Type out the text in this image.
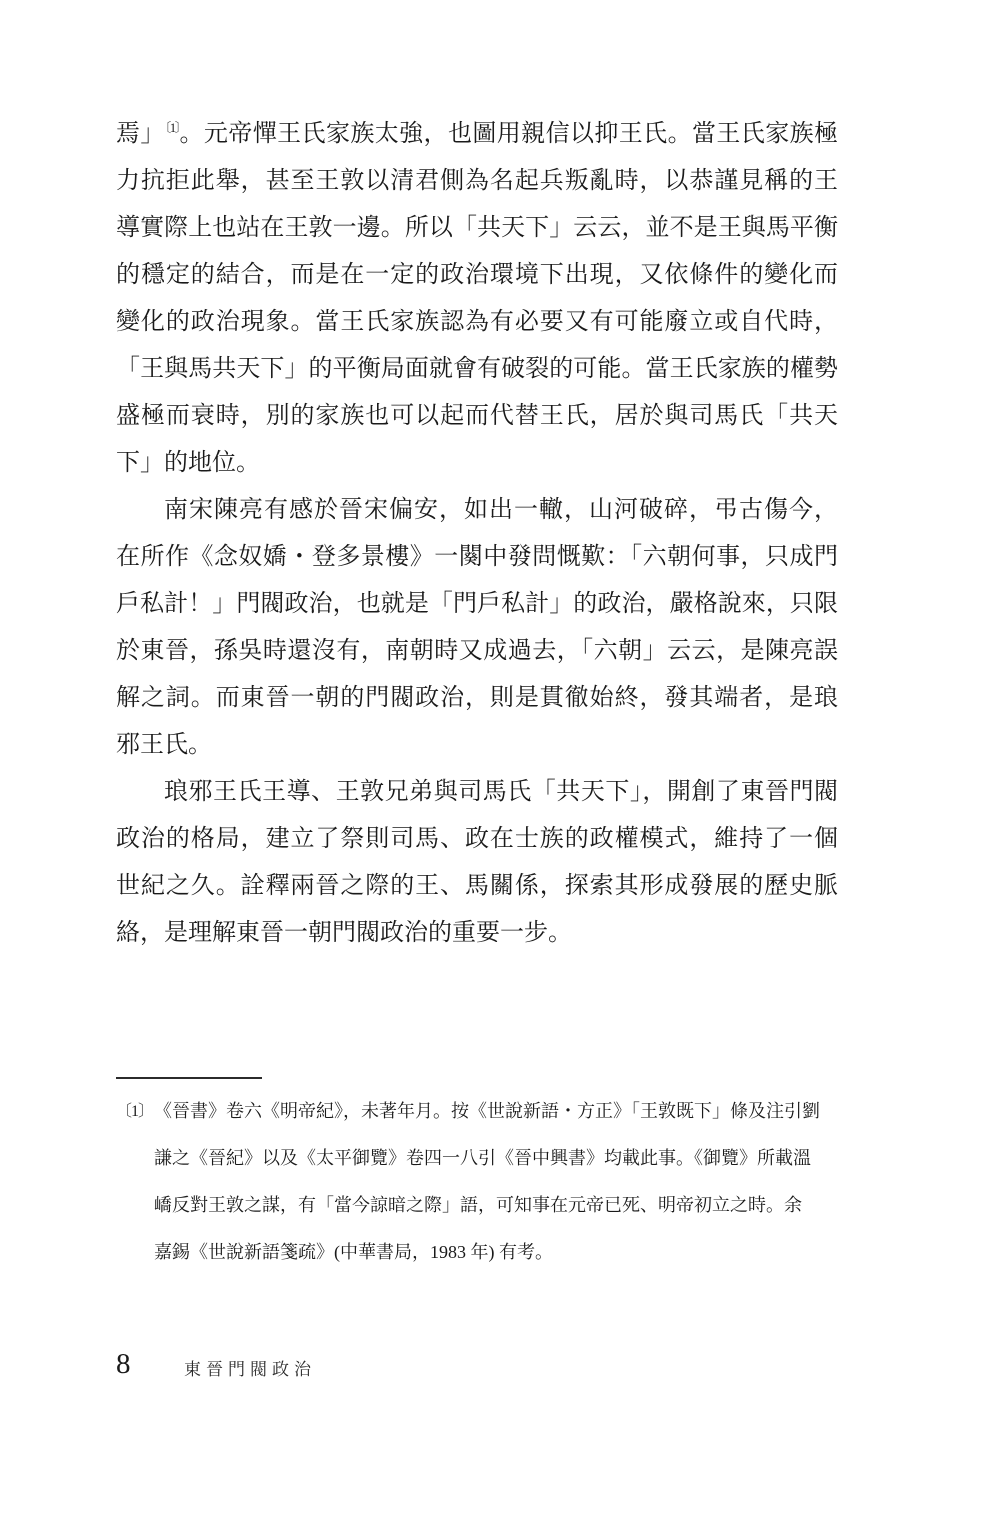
焉」$^{〔1〕}$。元帝憚王氏家族太強，也圖用親信以抑王氏。當王氏家族極
力抗拒此舉，甚至王敦以清君側為名起兵叛亂時，以恭謹見稱的王
導實際上也站在王敦一邊。所以「共天下」云云，並不是王與馬平衡
的穩定的結合，而是在一定的政治環境下出現，又依條件的變化而
變化的政治現象。當王氏家族認為有必要又有可能廢立或自代時，
「王與馬共天下」的平衡局面就會有破裂的可能。當王氏家族的權勢
盛極而衰時，別的家族也可以起而代替王氏，居於與司馬氏「共天
下」的地位。
南宋陳亮有感於晉宋偏安，如出一轍，山河破碎，弔古傷今，
在所作《念奴嬌・登多景樓》一闋中發問慨歎：「六朝何事，只成門
戶私計！」門閥政治，也就是「門戶私計」的政治，嚴格說來，只限
於東晉，孫吳時還沒有，南朝時又成過去，「六朝」云云，是陳亮誤
解之詞。而東晉一朝的門閥政治，則是貫徹始終，發其端者，是琅
邪王氏。
琅邪王氏王導、王敦兄弟與司馬氏「共天下」，開創了東晉門閥
政治的格局，建立了祭則司馬、政在士族的政權模式，維持了一個
世紀之久。詮釋兩晉之際的王、馬關係，探索其形成發展的歷史脈
絡，是理解東晉一朝門閥政治的重要一步。
〔1〕 《晉書》卷六《明帝紀》，未著年月。按《世說新語・方正》「王敦既下」條及注引劉
謙之《晉紀》以及《太平御覽》卷四一八引《晉中興書》均載此事。《御覽》所載溫
嶠反對王敦之謀，有「當今諒暗之際」語，可知事在元帝已死、明帝初立之時。余
嘉錫《世說新語箋疏》(中華書局，1983 年) 有考。
8	東晉門閥政治
